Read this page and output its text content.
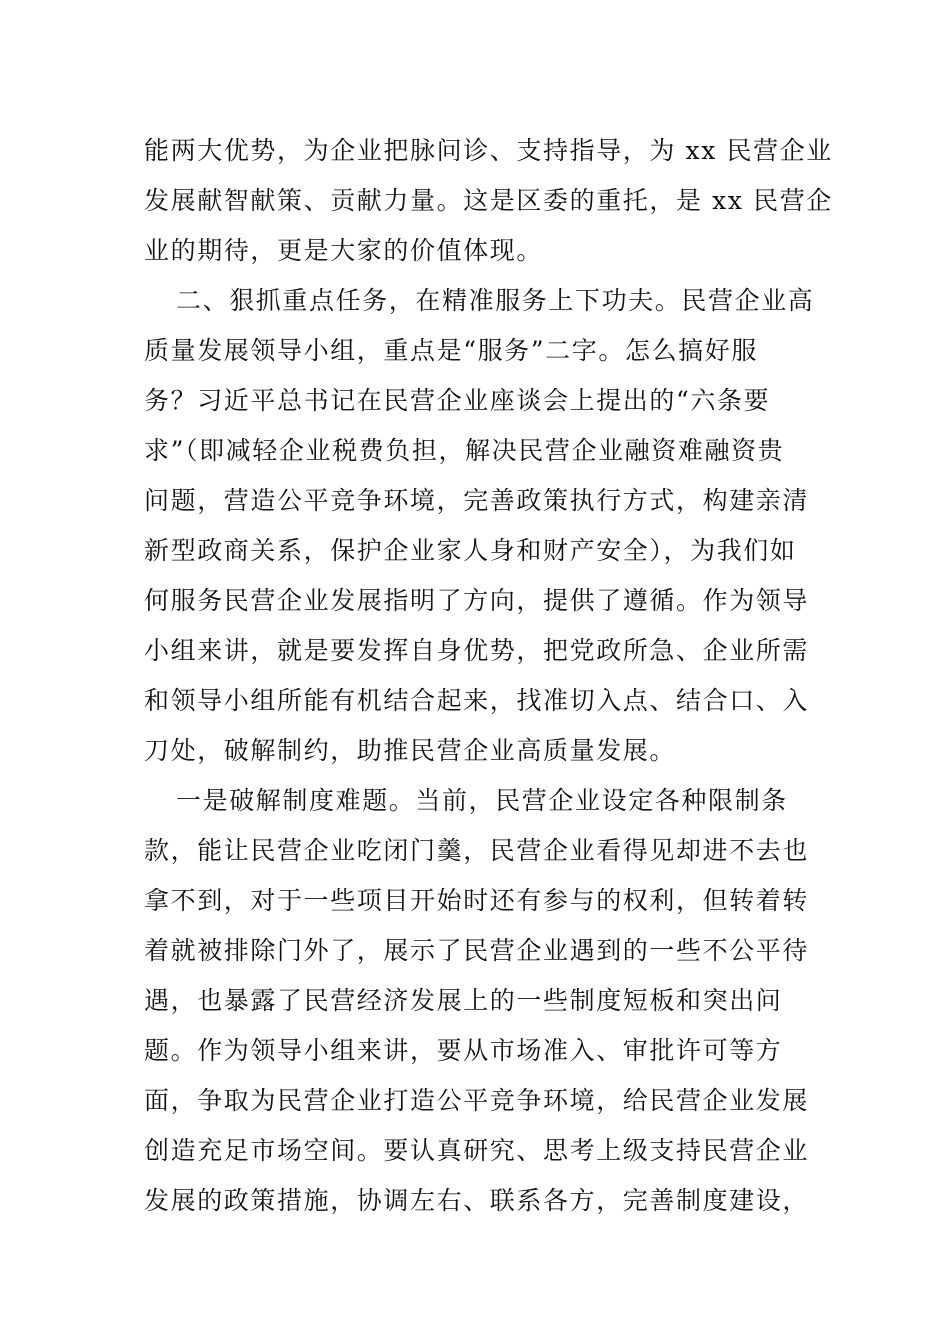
能两大优势，为企业把脉问诊、支持指导，为 xx 民营企业
发展献智献策、贡献力量。这是区委的重托，是 xx 民营企
业的期待，更是大家的价值体现。
二、狠抓重点任务，在精准服务上下功夫。民营企业高
质量发展领导小组，重点是“服务”二字。怎么搞好服
务？习近平总书记在民营企业座谈会上提出的“六条要
求”（即减轻企业税费负担，解决民营企业融资难融资贵
问题，营造公平竞争环境，完善政策执行方式，构建亲清
新型政商关系，保护企业家人身和财产安全），为我们如
何服务民营企业发展指明了方向，提供了遵循。作为领导
小组来讲，就是要发挥自身优势，把党政所急、企业所需
和领导小组所能有机结合起来，找准切入点、结合口、入
刀处，破解制约，助推民营企业高质量发展。
一是破解制度难题。当前，民营企业设定各种限制条
款，能让民营企业吃闭门羹，民营企业看得见却进不去也
拿不到，对于一些项目开始时还有参与的权利，但转着转
着就被排除门外了，展示了民营企业遇到的一些不公平待
遇，也暴露了民营经济发展上的一些制度短板和突出问
题。作为领导小组来讲，要从市场准入、审批许可等方
面，争取为民营企业打造公平竞争环境，给民营企业发展
创造充足市场空间。要认真研究、思考上级支持民营企业
发展的政策措施，协调左右、联系各方，完善制度建设，
